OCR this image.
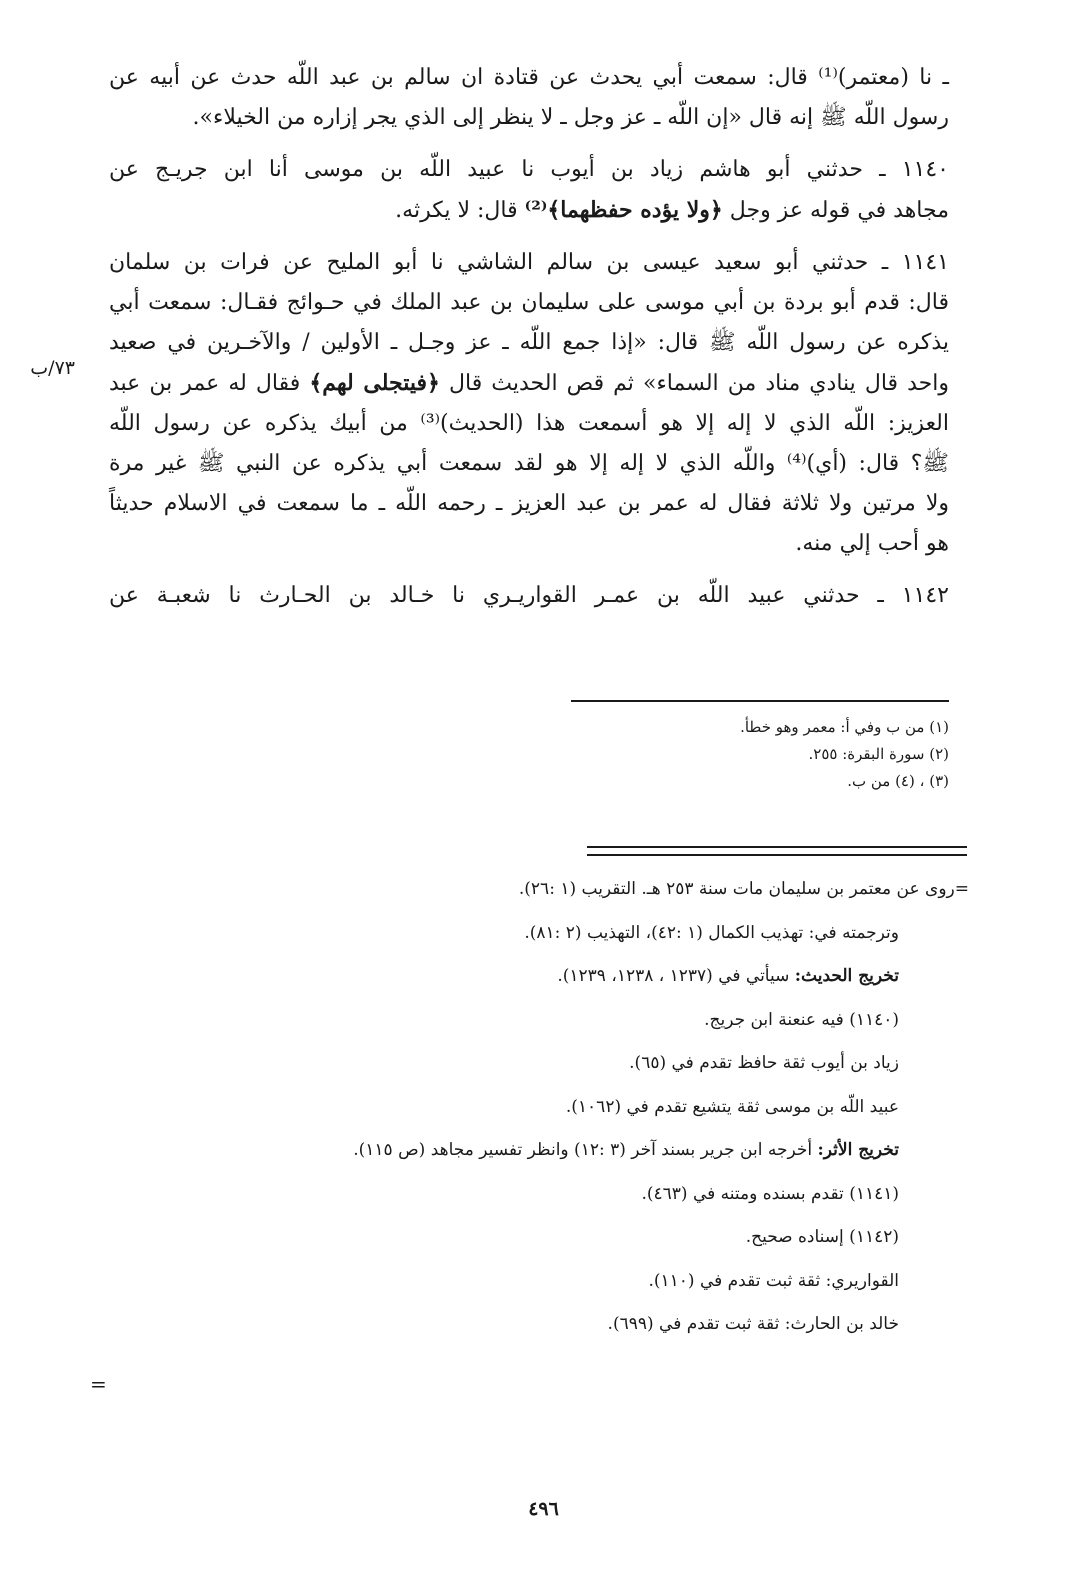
ـ نا (معتمر)⁽¹⁾ قال: سمعت أبي يحدث عن قتادة ان سالم بن عبد اللّه حدث عن أبيه عن
رسول اللّه ﷺ إنه قال «إن اللّه ـ عز وجل ـ لا ينظر إلى الذي يجر إزاره من الخيلاء».

١١٤٠ ـ حدثني أبو هاشم زياد بن أيوب نا عبيد اللّه بن موسى أنا ابن جريـج عن
مجاهد في قوله عز وجل ﴿ولا يؤده حفظهما﴾⁽²⁾ قال: لا يكرثه.

١١٤١ ـ حدثني أبو سعيد عيسى بن سالم الشاشي نا أبو المليح عن فرات بن سلمان
قال: قدم أبو بردة بن أبي موسى على سليمان بن عبد الملك في حـوائج فقـال: سمعت أبي
يذكره عن رسول اللّه ﷺ قال: «إذا جمع اللّه ـ عز وجـل ـ الأولين / والآخـرين في صعيد
واحد قال ينادي مناد من السماء» ثم قص الحديث قال ﴿فيتجلى لهم﴾ فقال له عمر بن عبد
العزيز: اللّه الذي لا إله إلا هو أسمعت هذا (الحديث)⁽³⁾ من أبيك يذكره عن رسول اللّه
ﷺ؟ قال: (أي)⁽⁴⁾ واللّه الذي لا إله إلا هو لقد سمعت أبي يذكره عن النبي ﷺ غير مرة
ولا مرتين ولا ثلاثة فقال له عمر بن عبد العزيز ـ رحمه اللّه ـ ما سمعت في الاسلام حديثاً
هو أحب إلي منه.

١١٤٢ ـ حدثني عبيد اللّه بن عمـر القواريـري نا خـالد بن الحـارث نا شعبـة عن

٧٣/ب
(١) من ب وفي أ: معمر وهو خطأ.
(٢) سورة البقرة: ٢٥٥.
(٣) ، (٤) من ب.
=روى عن معتمر بن سليمان مات سنة ٢٥٣ هـ. التقريب (١ :٢٦).
وترجمته في: تهذيب الكمال (١ :٤٢)، التهذيب (٢ :٨١).
تخريج الحديث: سيأتي في (١٢٣٧ ، ١٢٣٨، ١٢٣٩).
(١١٤٠) فيه عنعنة ابن جريج.
زياد بن أيوب ثقة حافظ تقدم في (٦٥).
عبيد اللّه بن موسى ثقة يتشيع تقدم في (١٠٦٢).
تخريج الأثر: أخرجه ابن جرير بسند آخر (٣ :١٢) وانظر تفسير مجاهد (ص ١١٥).
(١١٤١) تقدم بسنده ومتنه في (٤٦٣).
(١١٤٢) إسناده صحيح.
القواريري: ثقة ثبت تقدم في (١١٠).
خالد بن الحارث: ثقة ثبت تقدم في (٦٩٩).
=
٤٩٦
